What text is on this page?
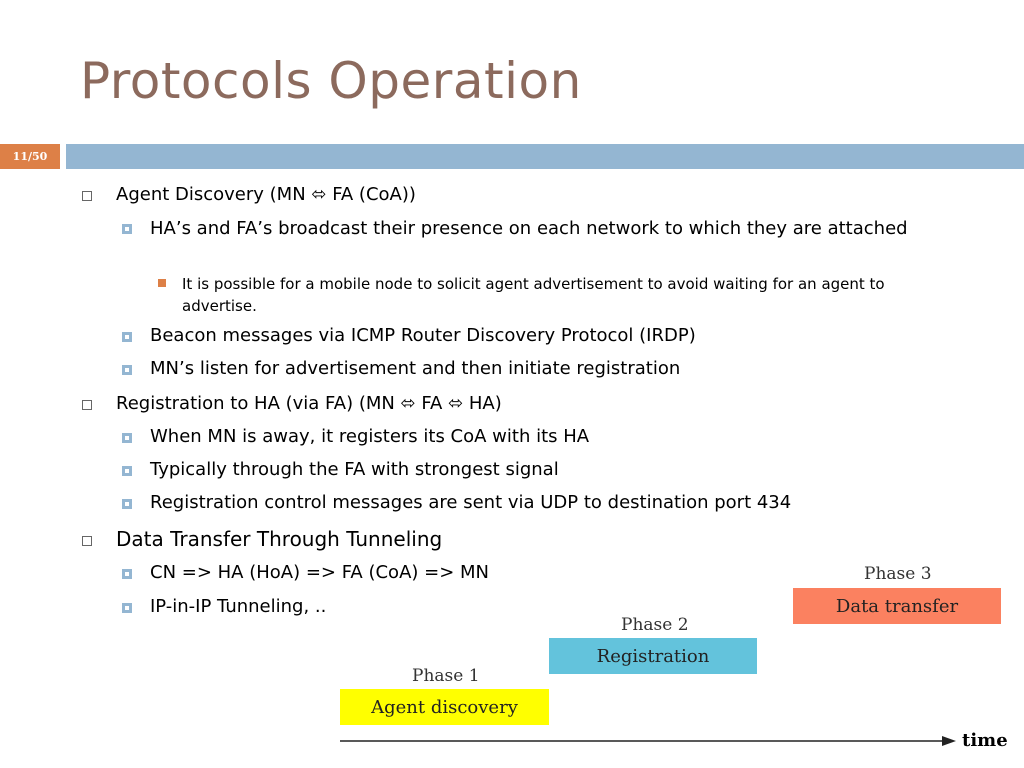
Protocols Operation
11/50
Agent Discovery (MN ⬄ FA (CoA))
HA’s and FA’s broadcast their presence on each network to which they are attached
It is possible for a mobile node to solicit agent advertisement to avoid waiting for an agent to advertise.
Beacon messages via ICMP Router Discovery Protocol (IRDP)
MN’s listen for advertisement and then initiate registration
Registration to HA (via FA) (MN ⬄ FA ⬄ HA)
When MN is away, it registers its CoA with its HA
Typically through the FA with strongest signal
Registration control messages are sent via UDP to destination port 434
Data Transfer Through Tunneling
CN => HA (HoA) => FA (CoA) => MN
IP-in-IP Tunneling, ..
Phase 1
Agent discovery
Phase 2
Registration
Phase 3
Data transfer
time
